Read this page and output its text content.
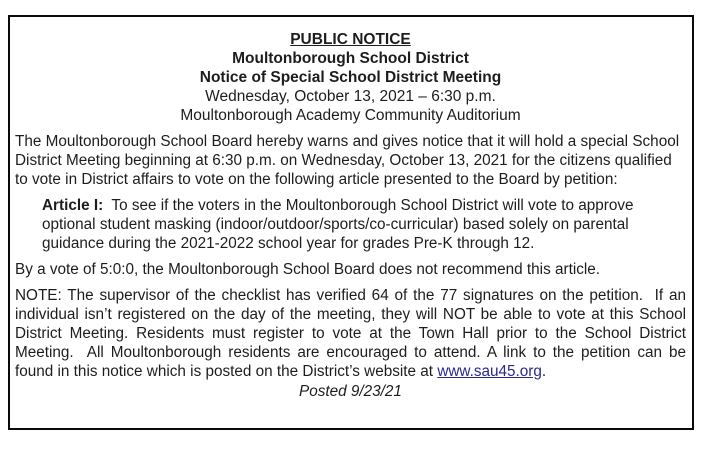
PUBLIC NOTICE
Moultonborough School District
Notice of Special School District Meeting
Wednesday, October 13, 2021 – 6:30 p.m.
Moultonborough Academy Community Auditorium

The Moultonborough School Board hereby warns and gives notice that it will hold a special School District Meeting beginning at 6:30 p.m. on Wednesday, October 13, 2021 for the citizens qualified to vote in District affairs to vote on the following article presented to the Board by petition:

Article I:  To see if the voters in the Moultonborough School District will vote to approve optional student masking (indoor/outdoor/sports/co-curricular) based solely on parental guidance during the 2021-2022 school year for grades Pre-K through 12.

By a vote of 5:0:0, the Moultonborough School Board does not recommend this article.

NOTE: The supervisor of the checklist has verified 64 of the 77 signatures on the petition.  If an individual isn’t registered on the day of the meeting, they will NOT be able to vote at this School District Meeting. Residents must register to vote at the Town Hall prior to the School District Meeting.  All Moultonborough residents are encouraged to attend. A link to the petition can be found in this notice which is posted on the District’s website at www.sau45.org.

Posted 9/23/21
